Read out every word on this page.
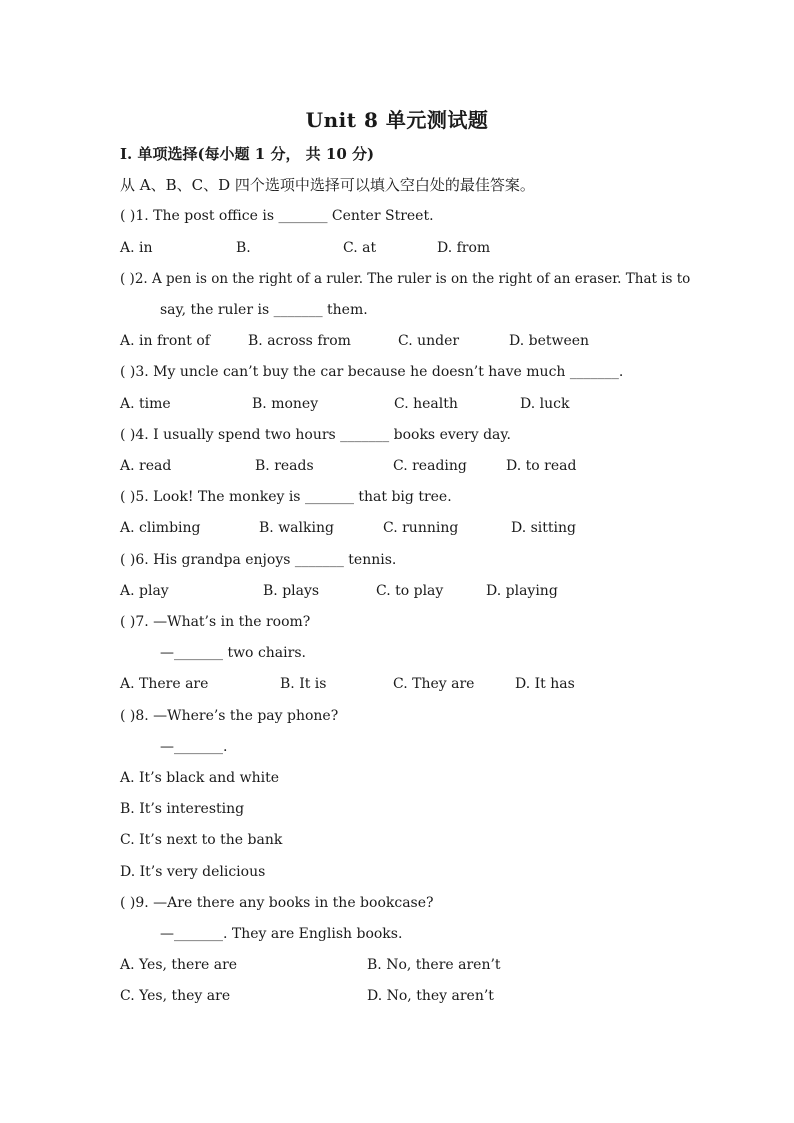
Unit 8 单元测试题
I. 单项选择(每小题 1 分， 共 10 分)
从 A、B、C、D 四个选项中选择可以填入空白处的最佳答案。
( )1. The post office is _______ Center Street.
A. in	B.	C. at	D. from
( )2. A pen is on the right of a ruler. The ruler is on the right of an eraser. That is to
say, the ruler is _______ them.
A. in front of	B. across from	C. under	D. between
( )3. My uncle can’t buy the car because he doesn’t have much _______.
A. time	B. money	C. health	D. luck
( )4. I usually spend two hours _______ books every day.
A. read	B. reads	C. reading	D. to read
( )5. Look! The monkey is _______ that big tree.
A. climbing	B. walking	C. running	D. sitting
( )6. His grandpa enjoys _______ tennis.
A. play	B. plays	C. to play	D. playing
( )7. —What’s in the room?
—_______ two chairs.
A. There are	B. It is	C. They are	D. It has
( )8. —Where’s the pay phone?
—_______.
A. It’s black and white
B. It’s interesting
C. It’s next to the bank
D. It’s very delicious
( )9. —Are there any books in the bookcase?
—_______. They are English books.
A. Yes, there are	B. No, there aren’t
C. Yes, they are	D. No, they aren’t
